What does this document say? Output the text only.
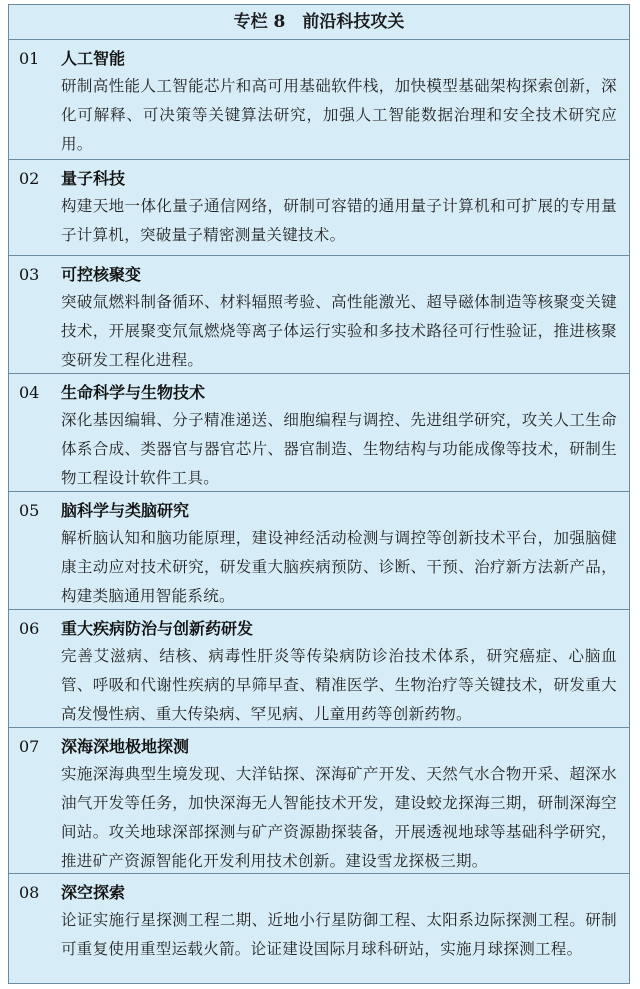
专栏 8　前沿科技攻关
01	人工智能
研制高性能人工智能芯片和高可用基础软件栈，加快模型基础架构探索创新，深化可解释、可决策等关键算法研究，加强人工智能数据治理和安全技术研究应用。
02	量子科技
构建天地一体化量子通信网络，研制可容错的通用量子计算机和可扩展的专用量子计算机，突破量子精密测量关键技术。
03	可控核聚变
突破氚燃料制备循环、材料辐照考验、高性能激光、超导磁体制造等核聚变关键技术，开展聚变氘氚燃烧等离子体运行实验和多技术路径可行性验证，推进核聚变研发工程化进程。
04	生命科学与生物技术
深化基因编辑、分子精准递送、细胞编程与调控、先进组学研究，攻关人工生命体系合成、类器官与器官芯片、器官制造、生物结构与功能成像等技术，研制生物工程设计软件工具。
05	脑科学与类脑研究
解析脑认知和脑功能原理，建设神经活动检测与调控等创新技术平台，加强脑健康主动应对技术研究，研发重大脑疾病预防、诊断、干预、治疗新方法新产品，构建类脑通用智能系统。
06	重大疾病防治与创新药研发
完善艾滋病、结核、病毒性肝炎等传染病防诊治技术体系，研究癌症、心脑血管、呼吸和代谢性疾病的早筛早查、精准医学、生物治疗等关键技术，研发重大高发慢性病、重大传染病、罕见病、儿童用药等创新药物。
07	深海深地极地探测
实施深海典型生境发现、大洋钻探、深海矿产开发、天然气水合物开采、超深水油气开发等任务，加快深海无人智能技术开发，建设蛟龙探海三期，研制深海空间站。攻关地球深部探测与矿产资源勘探装备，开展透视地球等基础科学研究，推进矿产资源智能化开发利用技术创新。建设雪龙探极三期。
08	深空探索
论证实施行星探测工程二期、近地小行星防御工程、太阳系边际探测工程。研制可重复使用重型运载火箭。论证建设国际月球科研站，实施月球探测工程。
